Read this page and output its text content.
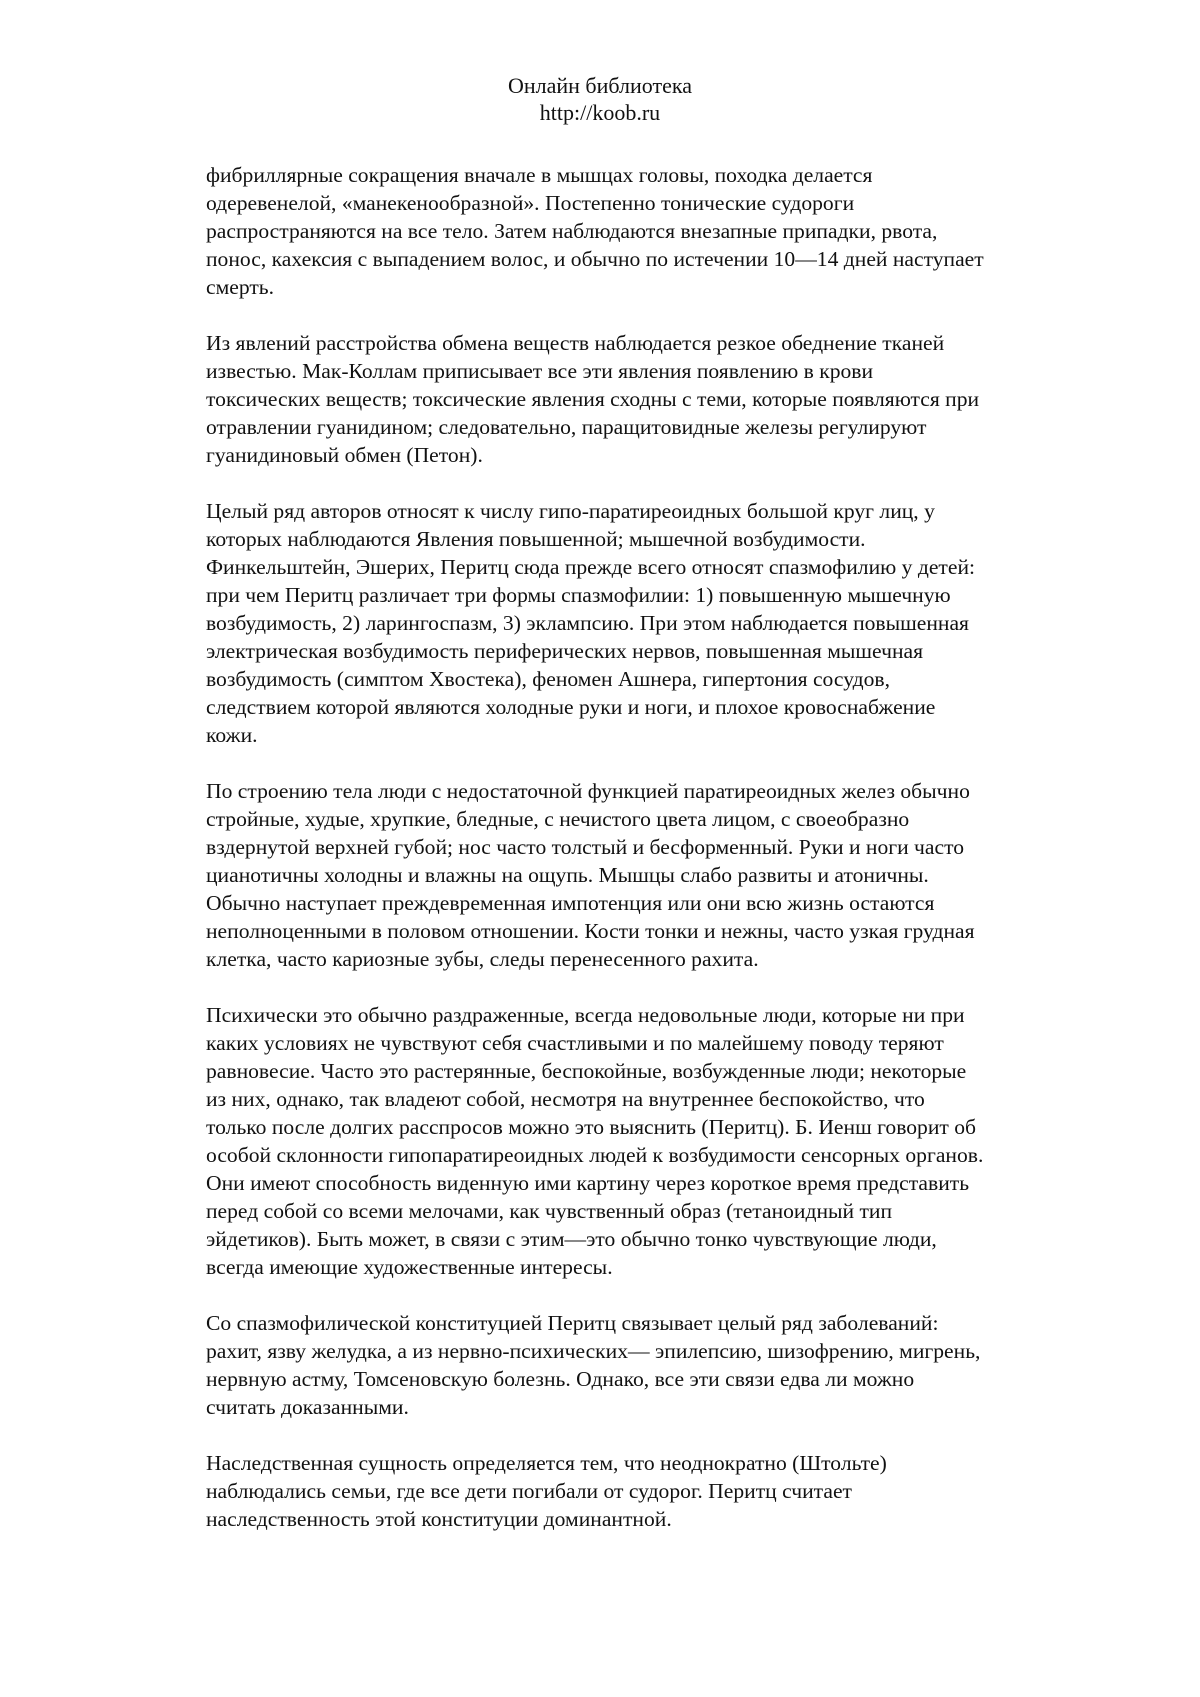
Онлайн библиотека
http://koob.ru
фибриллярные сокращения вначале в мышцах головы, походка делается
одеревенелой, «манекенообразной». Постепенно тонические судороги
распространяются на все тело. Затем наблюдаются внезапные припадки, рвота,
понос, кахексия с выпадением волос, и обычно по истечении 10—14 дней наступает
смерть.
Из явлений расстройства обмена веществ наблюдается резкое обеднение тканей
известью. Мак-Коллам приписывает все эти явления появлению в крови
токсических веществ; токсические явления сходны с теми, которые появляются при
отравлении гуанидином; следовательно, паращитовидные железы регулируют
гуанидиновый обмен (Петон).
Целый ряд авторов относят к числу гипо-паратиреоидных большой круг лиц, у
которых наблюдаются Явления повышенной; мышечной возбудимости.
Финкельштейн, Эшерих, Перитц сюда прежде всего относят спазмофилию у детей:
при чем Перитц различает три формы спазмофилии: 1) повышенную мышечную
возбудимость, 2) ларингоспазм, 3) эклампсию. При этом наблюдается повышенная
электрическая возбудимость периферических нервов, повышенная мышечная
возбудимость (симптом Хвостека), феномен Ашнера, гипертония сосудов,
следствием которой являются холодные руки и ноги, и плохое кровоснабжение
кожи.
По строению тела люди с недостаточной функцией паратиреоидных желез обычно
стройные, худые, хрупкие, бледные, с нечистого цвета лицом, с своеобразно
вздернутой верхней губой; нос часто толстый и бесформенный. Руки и ноги часто
цианотичны холодны и влажны на ощупь. Мышцы слабо развиты и атоничны.
Обычно наступает преждевременная импотенция или они всю жизнь остаются
неполноценными в половом отношении. Кости тонки и нежны, часто узкая грудная
клетка, часто кариозные зубы, следы перенесенного рахита.
Психически это обычно раздраженные, всегда недовольные люди, которые ни при
каких условиях не чувствуют себя счастливыми и по малейшему поводу теряют
равновесие. Часто это растерянные, беспокойные, возбужденные люди; некоторые
из них, однако, так владеют собой, несмотря на внутреннее беспокойство, что
только после долгих расспросов можно это выяснить (Перитц). Б. Иенш говорит об
особой склонности гипопаратиреоидных людей к возбудимости сенсорных органов.
Они имеют способность виденную ими картину через короткое время представить
перед собой со всеми мелочами, как чувственный образ (тетаноидный тип
эйдетиков). Быть может, в связи с этим—это обычно тонко чувствующие люди,
всегда имеющие художественные интересы.
Со спазмофилической конституцией Перитц связывает целый ряд заболеваний:
рахит, язву желудка, а из нервно-психических— эпилепсию, шизофрению, мигрень,
нервную астму, Томсеновскую болезнь. Однако, все эти связи едва ли можно
считать доказанными.
Наследственная сущность определяется тем, что неоднократно (Штольте)
наблюдались семьи, где все дети погибали от судорог. Перитц считает
наследственность этой конституции доминантной.
